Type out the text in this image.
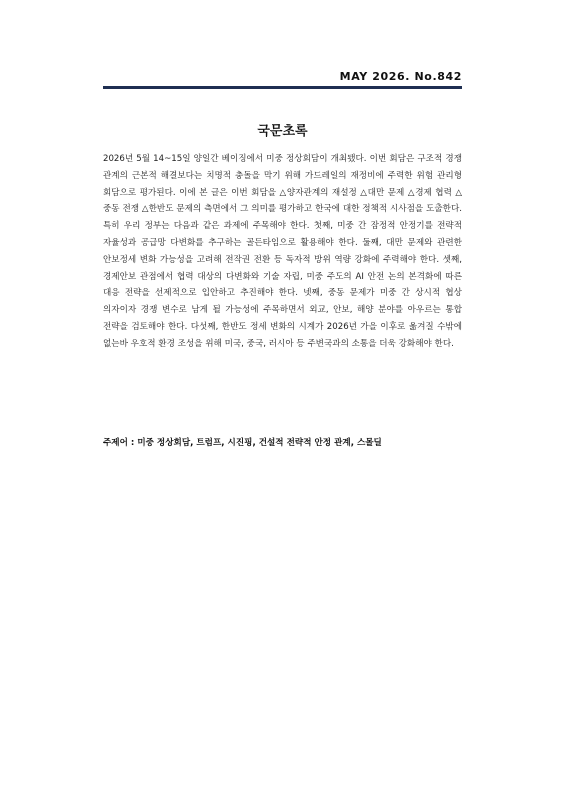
MAY 2026. No.842
국문초록

2026년 5월 14~15일 양일간 베이징에서 미중 정상회담이 개최됐다. 이번 회담은 구조적 경쟁 관계의 근본적 해결보다는 치명적 충돌을 막기 위해 가드레일의 재정비에 주력한 위험 관리형 회담으로 평가된다. 이에 본 글은 이번 회담을 △양자관계의 재설정 △대만 문제 △경제 협력 △중동 전쟁 △한반도 문제의 측면에서 그 의미를 평가하고 한국에 대한 정책적 시사점을 도출한다. 특히 우리 정부는 다음과 같은 과제에 주목해야 한다. 첫째, 미중 간 잠정적 안정기를 전략적 자율성과 공급망 다변화를 추구하는 골든타임으로 활용해야 한다. 둘째, 대만 문제와 관련한 안보정세 변화 가능성을 고려해 전작권 전환 등 독자적 방위 역량 강화에 주력해야 한다. 셋째, 경제안보 관점에서 협력 대상의 다변화와 기술 자립, 미중 주도의 AI 안전 논의 본격화에 따른 대응 전략을 선제적으로 입안하고 추진해야 한다. 넷째, 중동 문제가 미중 간 상시적 협상 의자이자 경쟁 변수로 남게 될 가능성에 주목하면서 외교, 안보, 해양 분야를 아우르는 통합 전략을 검토해야 한다. 다섯째, 한반도 정세 변화의 시계가 2026년 가을 이후로 옮겨질 수밖에 없는바 우호적 환경 조성을 위해 미국, 중국, 러시아 등 주변국과의 소통을 더욱 강화해야 한다.

주제어 : 미중 정상회담, 트럼프, 시진핑, 건설적 전략적 안정 관계, 스몰딜
